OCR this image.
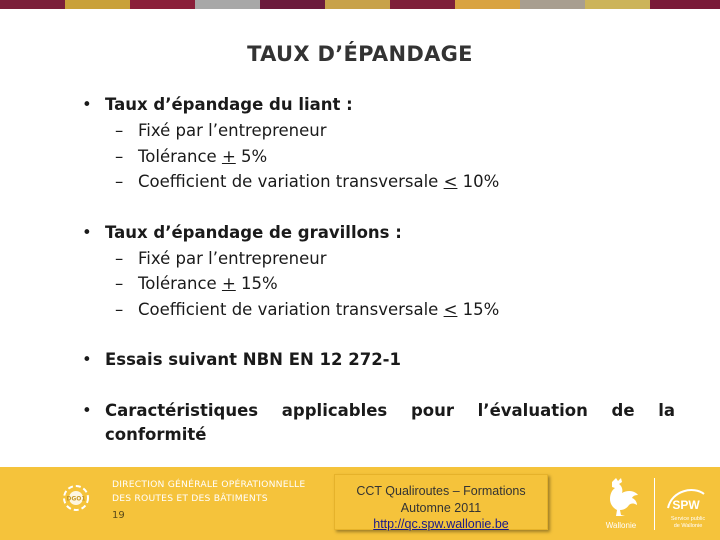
TAUX D’ÉPANDAGE
• Taux d’épandage du liant :
– Fixé par l’entrepreneur
– Tolérance + 5%
– Coefficient de variation transversale ≤ 10%
• Taux d’épandage de gravillons :
– Fixé par l’entrepreneur
– Tolérance + 15%
– Coefficient de variation transversale ≤ 15%
• Essais suivant NBN EN 12 272-1
• Caractéristiques applicables pour l’évaluation de la conformité
DGO1
DIRECTION GÉNÉRALE OPÉRATIONNELLE
DES ROUTES ET DES BÂTIMENTS
19
CCT Qualiroutes – Formations
Automne 2011
http://qc.spw.wallonie.be	Wallonie
SPW
Service public
de Wallonie
